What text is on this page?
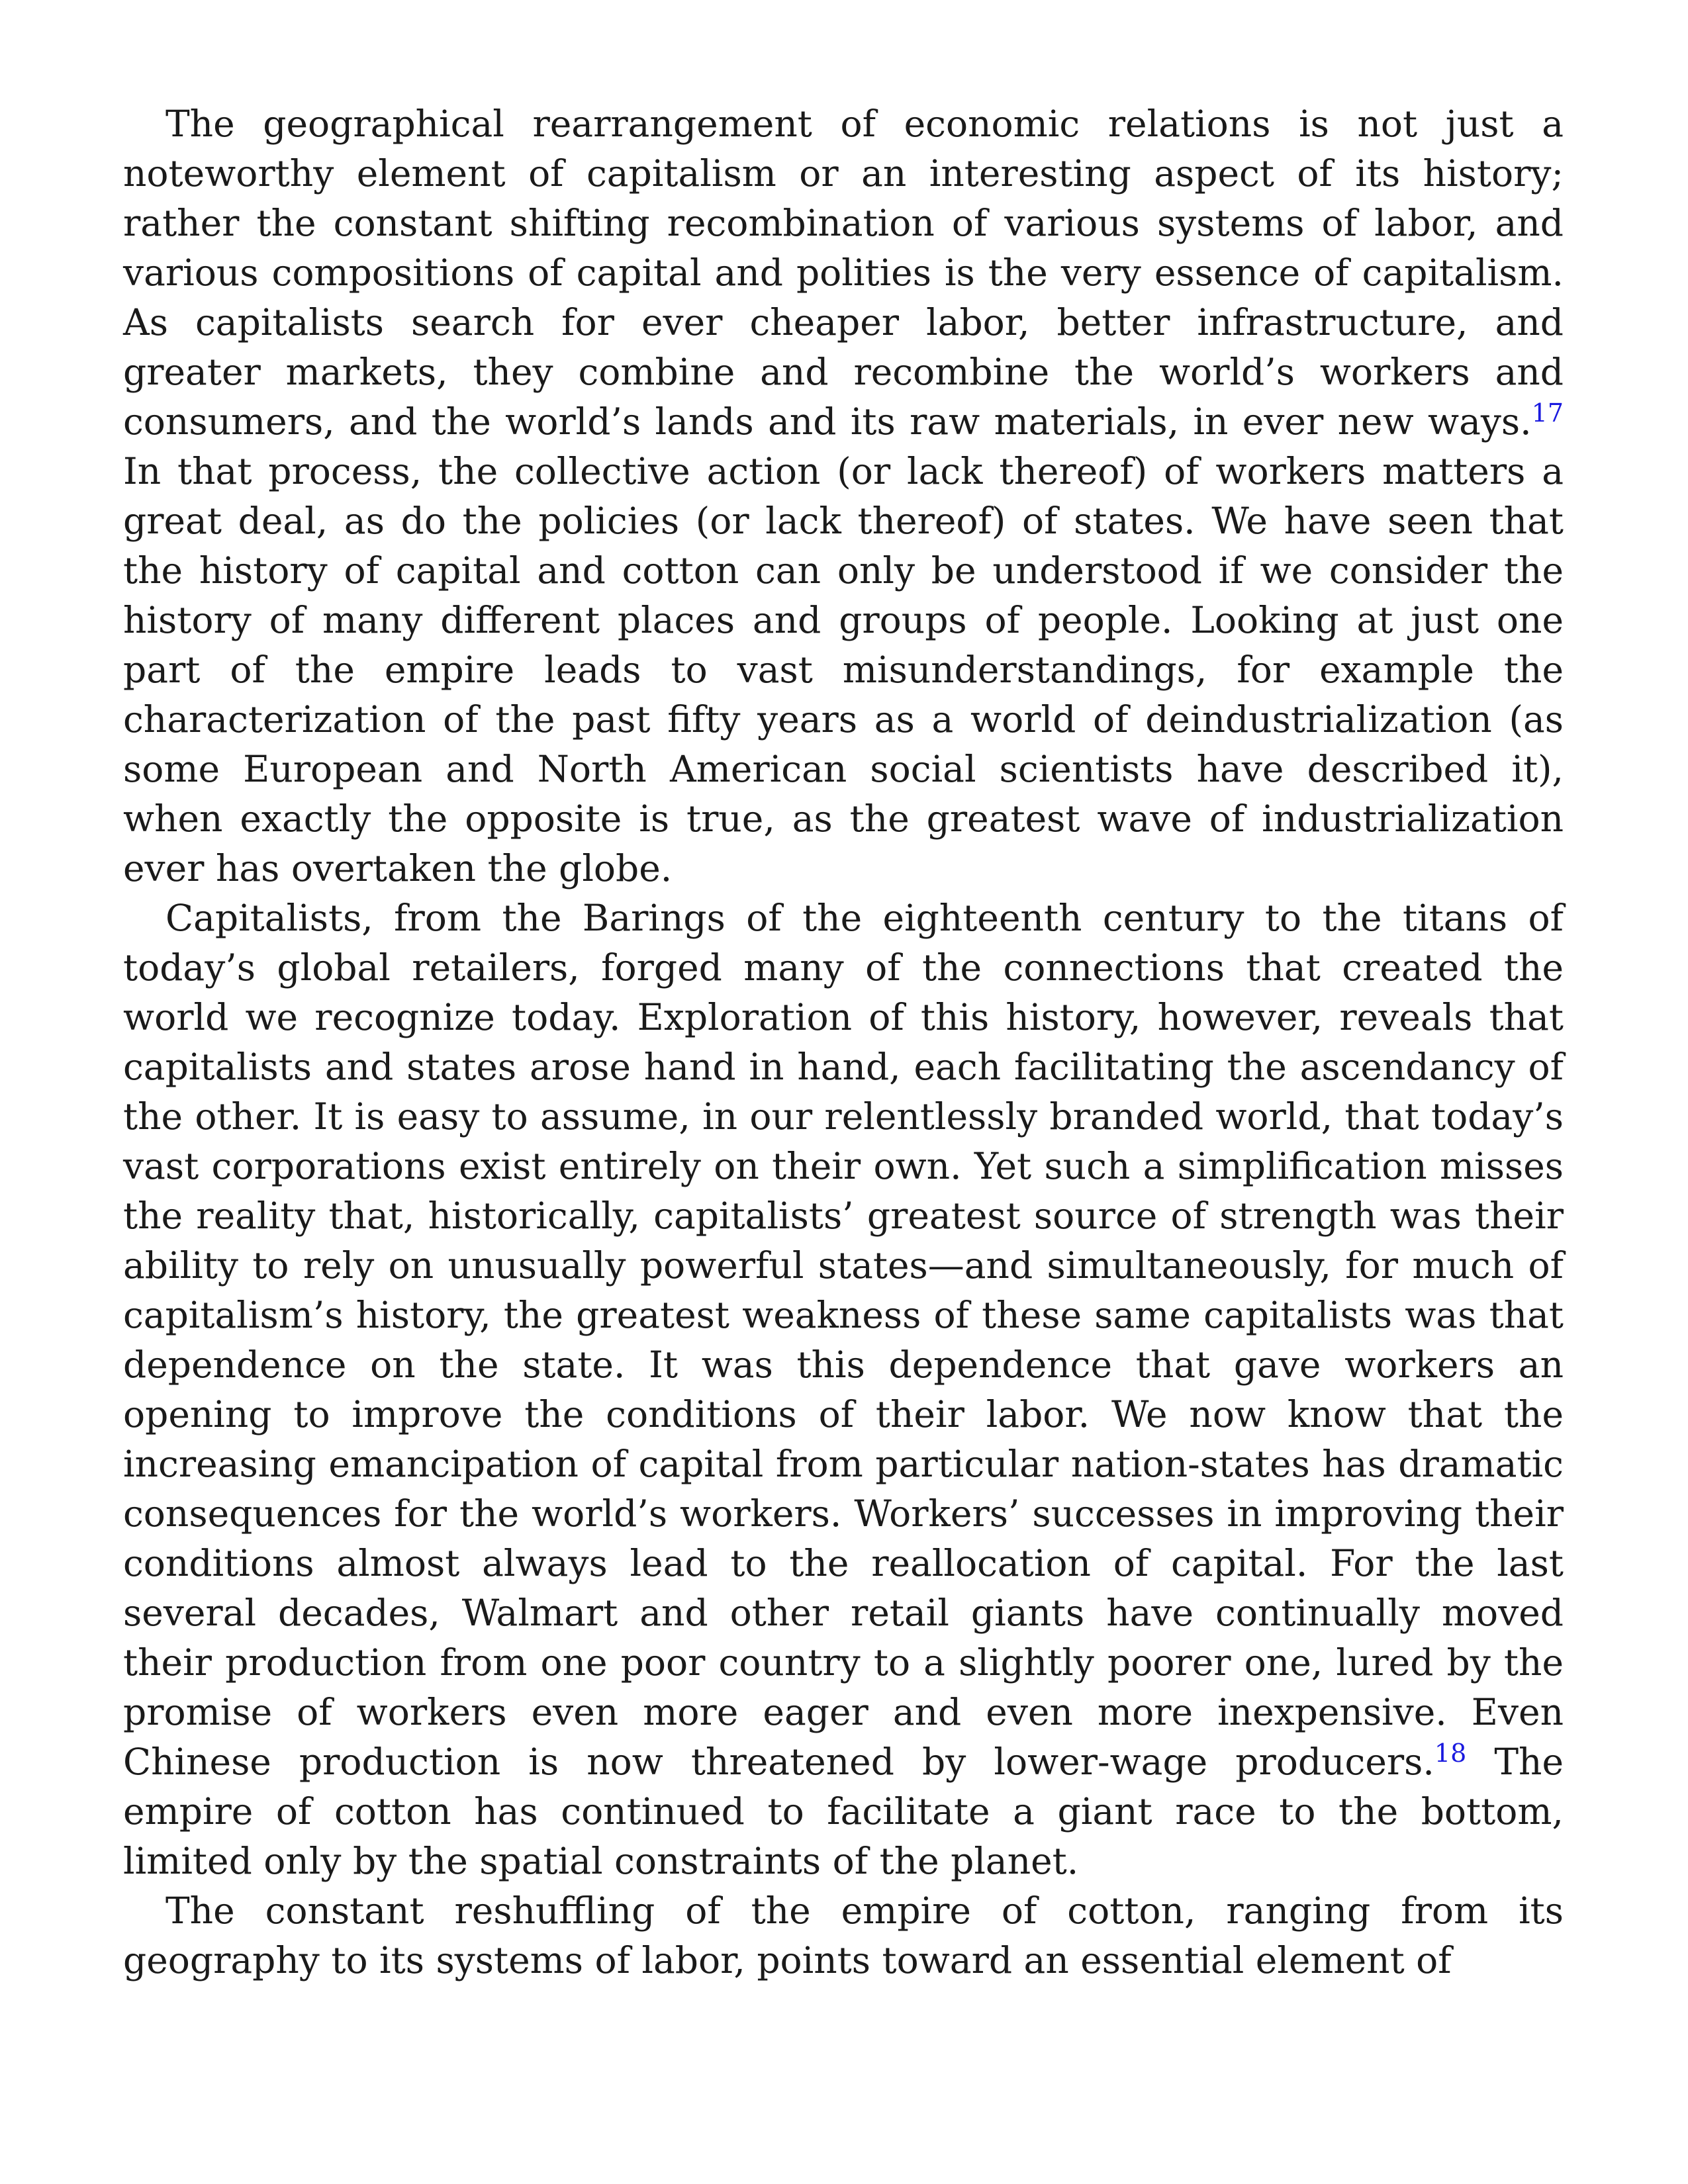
The geographical rearrangement of economic relations is not just a noteworthy element of capitalism or an interesting aspect of its history; rather the constant shifting recombination of various systems of labor, and various compositions of capital and polities is the very essence of capitalism. As capitalists search for ever cheaper labor, better infrastructure, and greater markets, they combine and recombine the world’s workers and consumers, and the world’s lands and its raw materials, in ever new ways.$^{17}$ In that process, the collective action (or lack thereof) of workers matters a great deal, as do the policies (or lack thereof) of states. We have seen that the history of capital and cotton can only be understood if we consider the history of many different places and groups of people. Looking at just one part of the empire leads to vast misunderstandings, for example the characterization of the past fifty years as a world of deindustrialization (as some European and North American social scientists have described it), when exactly the opposite is true, as the greatest wave of industrialization ever has overtaken the globe.

Capitalists, from the Barings of the eighteenth century to the titans of today’s global retailers, forged many of the connections that created the world we recognize today. Exploration of this history, however, reveals that capitalists and states arose hand in hand, each facilitating the ascendancy of the other. It is easy to assume, in our relentlessly branded world, that today’s vast corporations exist entirely on their own. Yet such a simplification misses the reality that, historically, capitalists’ greatest source of strength was their ability to rely on unusually powerful states—and simultaneously, for much of capitalism’s history, the greatest weakness of these same capitalists was that dependence on the state. It was this dependence that gave workers an opening to improve the conditions of their labor. We now know that the increasing emancipation of capital from particular nation-states has dramatic consequences for the world’s workers. Workers’ successes in improving their conditions almost always lead to the reallocation of capital. For the last several decades, Walmart and other retail giants have continually moved their production from one poor country to a slightly poorer one, lured by the promise of workers even more eager and even more inexpensive. Even Chinese production is now threatened by lower-wage producers.$^{18}$ The empire of cotton has continued to facilitate a giant race to the bottom, limited only by the spatial constraints of the planet.

The constant reshuffling of the empire of cotton, ranging from its geography to its systems of labor, points toward an essential element of
